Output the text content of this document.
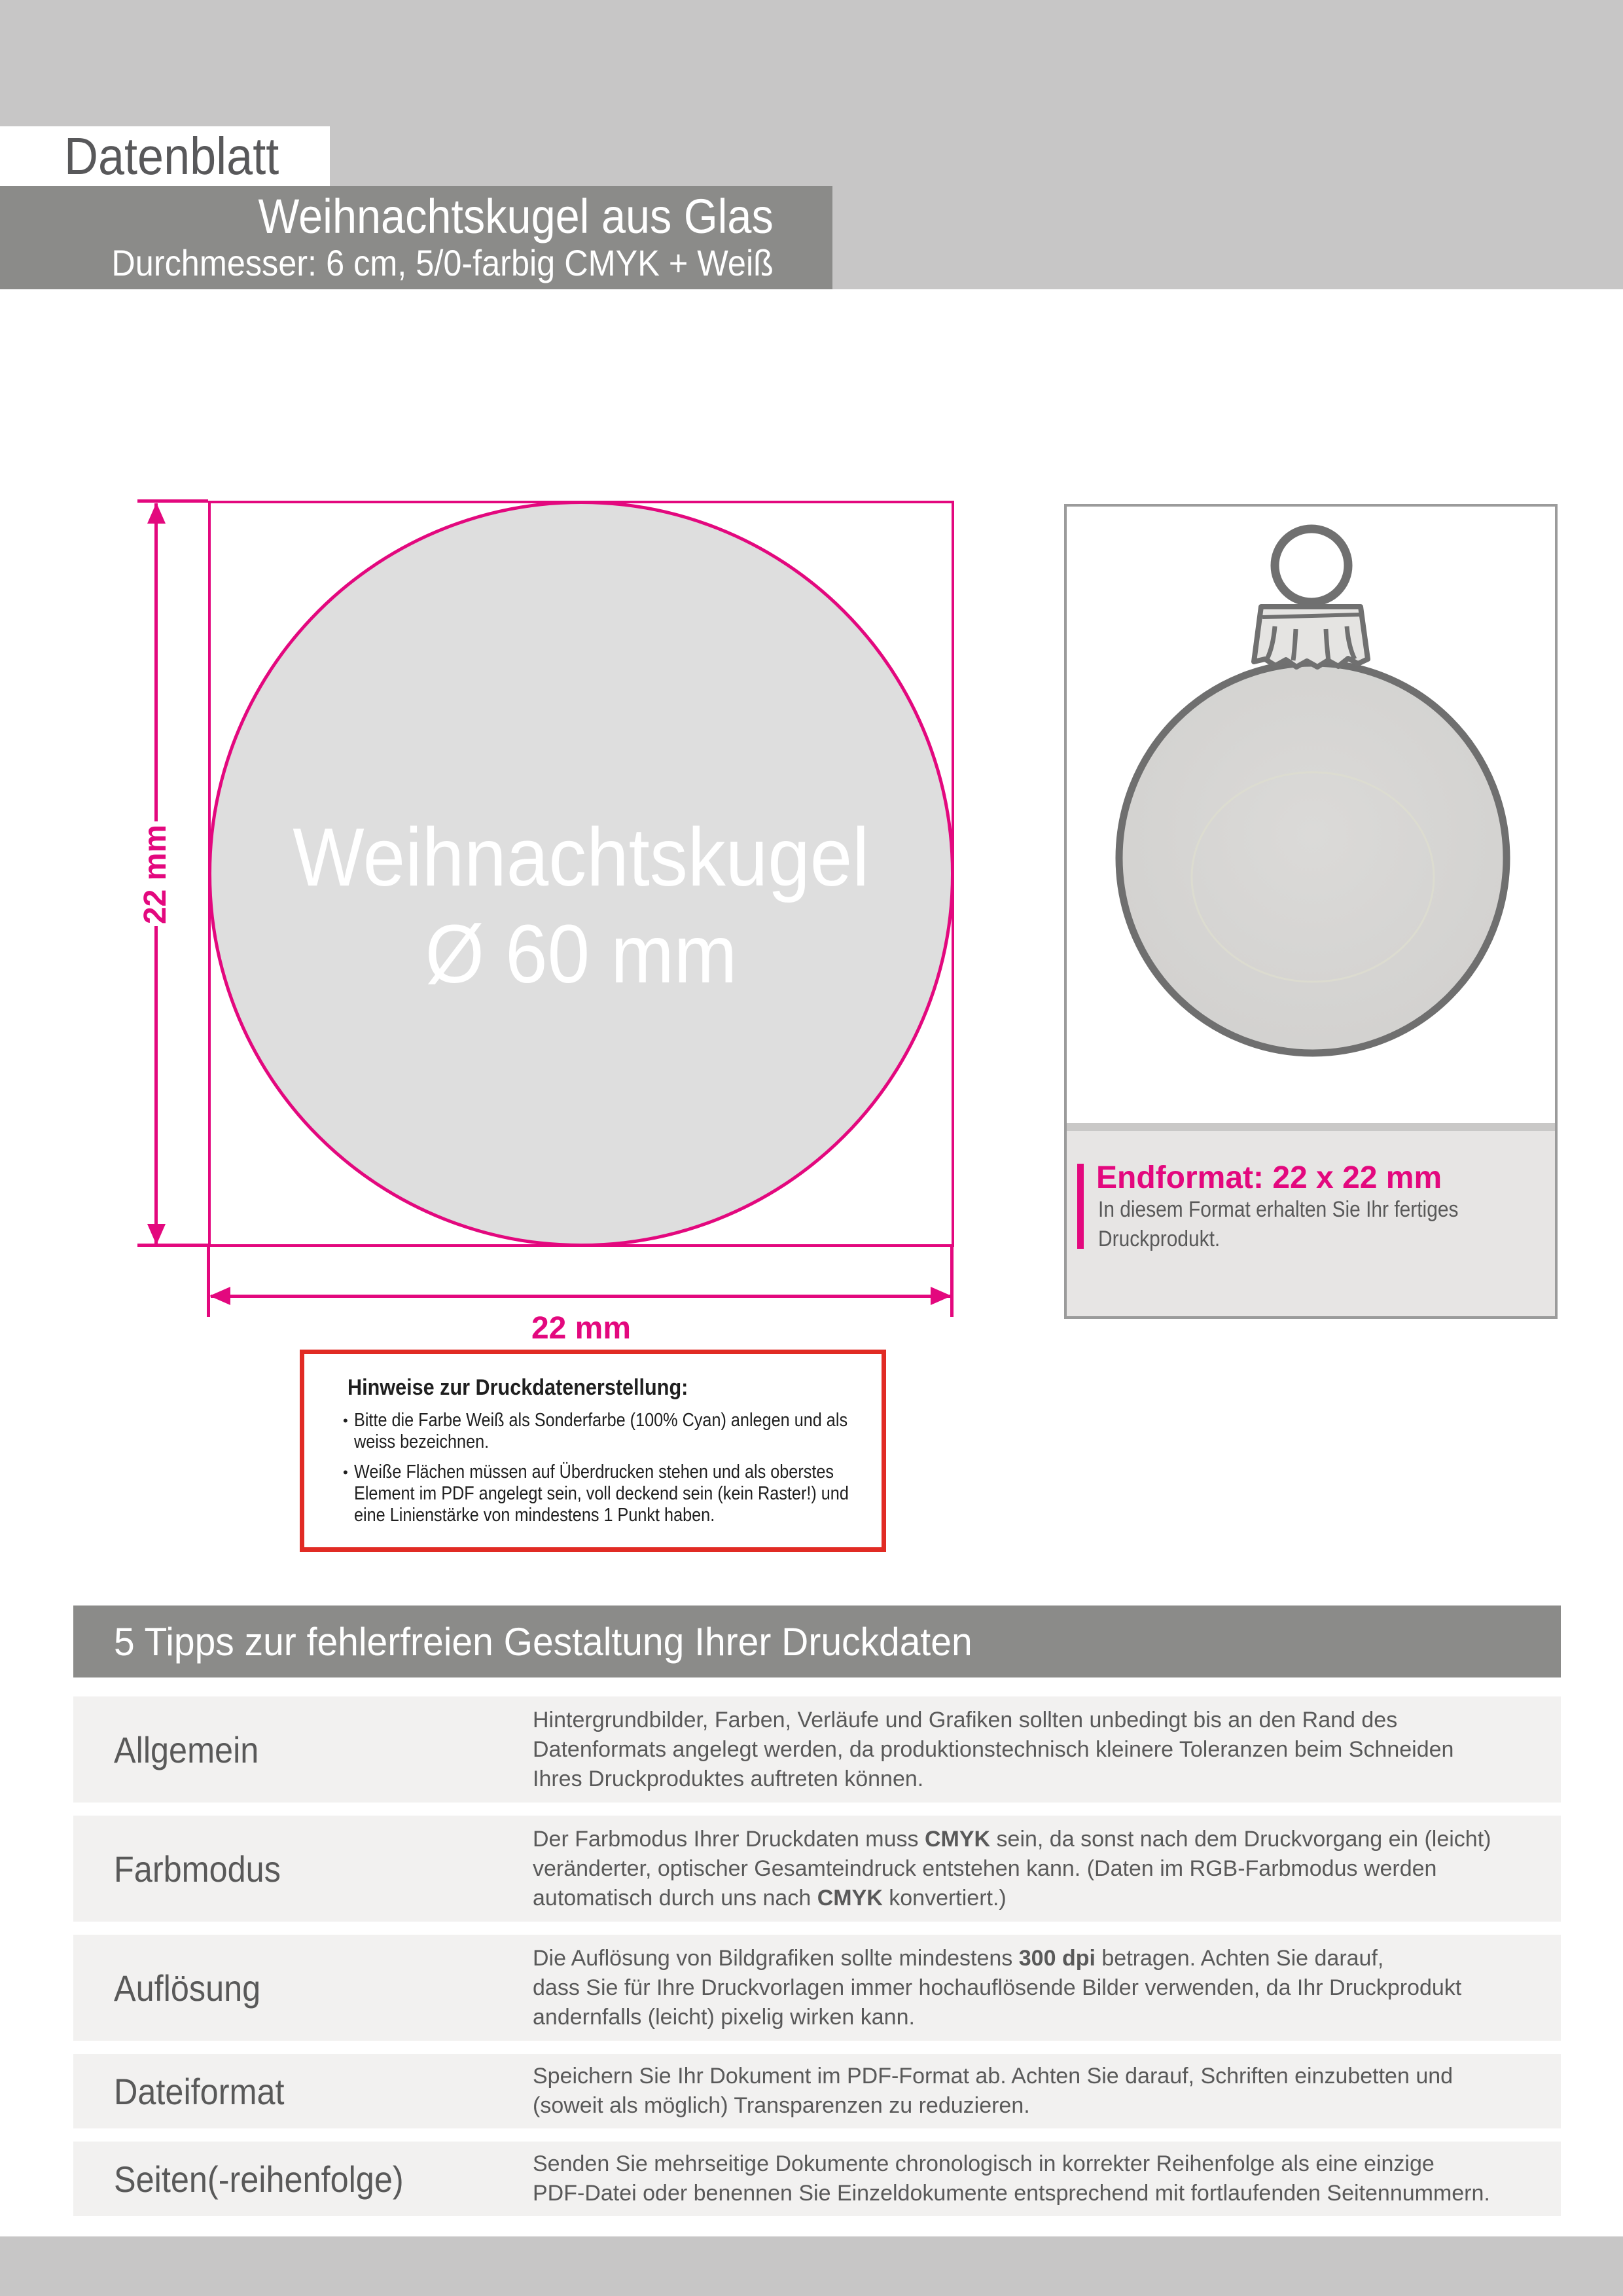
Datenblatt
Weihnachtskugel aus Glas
Durchmesser: 6 cm, 5/0-farbig CMYK + Weiß
Weihnachtskugel
Ø 60 mm
22 mm
22 mm
Endformat: 22 x 22 mm
In diesem Format erhalten Sie Ihr fertiges
Druckprodukt.
Hinweise zur Druckdatenerstellung:
• Bitte die Farbe Weiß als Sonderfarbe (100% Cyan) anlegen und als
weiss bezeichnen.
• Weiße Flächen müssen auf Überdrucken stehen und als oberstes
Element im PDF angelegt sein, voll deckend sein (kein Raster!) und
eine Linienstärke von mindestens 1 Punkt haben.
5 Tipps zur fehlerfreien Gestaltung Ihrer Druckdaten
Allgemein
Hintergrundbilder, Farben, Verläufe und Grafiken sollten unbedingt bis an den Rand des
Datenformats angelegt werden, da produktionstechnisch kleinere Toleranzen beim Schneiden
Ihres Druckproduktes auftreten können.
Farbmodus
Der Farbmodus Ihrer Druckdaten muss CMYK sein, da sonst nach dem Druckvorgang ein (leicht)
veränderter, optischer Gesamteindruck entstehen kann. (Daten im RGB-Farbmodus werden
automatisch durch uns nach CMYK konvertiert.)
Auflösung
Die Auflösung von Bildgrafiken sollte mindestens 300 dpi betragen. Achten Sie darauf,
dass Sie für Ihre Druckvorlagen immer hochauflösende Bilder verwenden, da Ihr Druckprodukt
andernfalls (leicht) pixelig wirken kann.
Dateiformat	Speichern Sie Ihr Dokument im PDF-Format ab. Achten Sie darauf, Schriften einzubetten und
(soweit als möglich) Transparenzen zu reduzieren.
Seiten(-reihenfolge)	Senden Sie mehrseitige Dokumente chronologisch in korrekter Reihenfolge als eine einzige
PDF-Datei oder benennen Sie Einzeldokumente entsprechend mit fortlaufenden Seitennummern.
